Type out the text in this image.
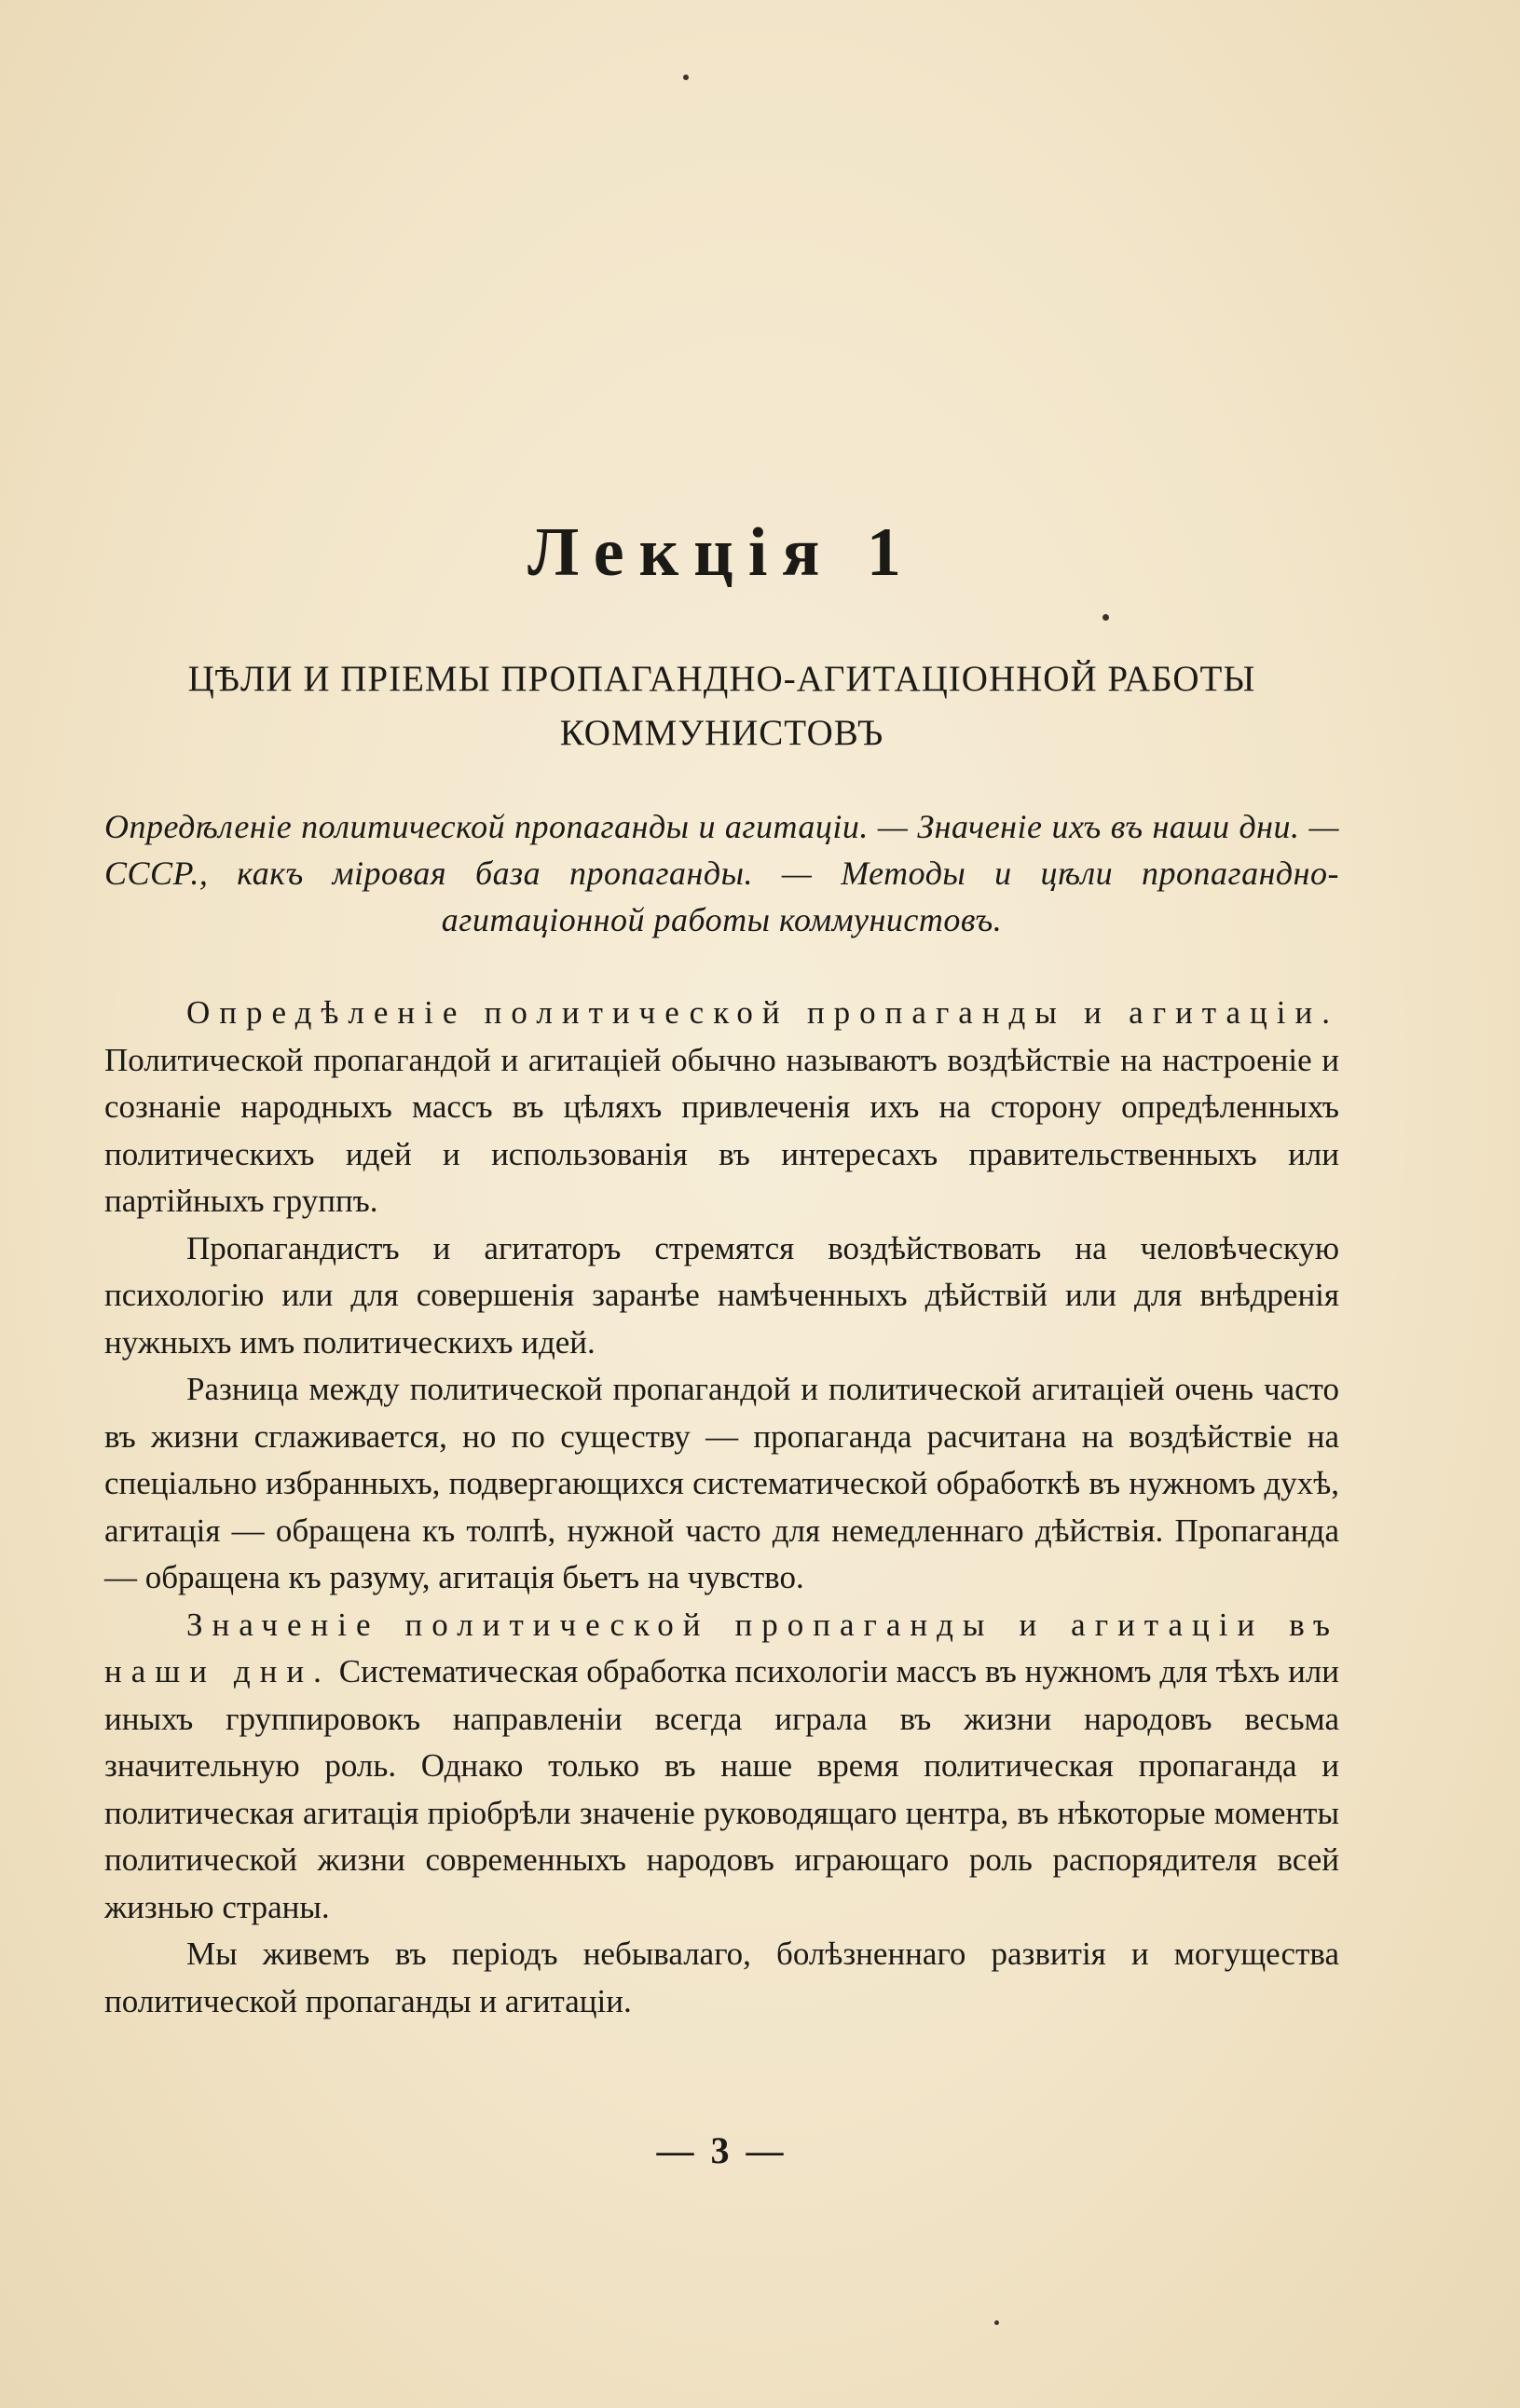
Лекція 1
ЦѢЛИ И ПРІЕМЫ ПРОПАГАНДНО-АГИТАЦІОННОЙ РАБОТЫ
КОММУНИСТОВЪ
Опредѣленіе политической пропаганды и агитаціи. — Значеніе ихъ въ наши дни. — СССР., какъ міровая база пропаганды. — Методы и цѣли пропагандно-агитаціонной работы коммунистовъ.

Опредѣленіе политической пропаганды и агитаціи. Политической пропагандой и агитаціей обычно называютъ воздѣйствіе на настроеніе и сознаніе народныхъ массъ въ цѣляхъ привлеченія ихъ на сторону опредѣленныхъ политическихъ идей и использованія въ интересахъ правительственныхъ или партійныхъ группъ.

Пропагандистъ и агитаторъ стремятся воздѣйствовать на человѣческую психологію или для совершенія заранѣе намѣченныхъ дѣйствій или для внѣдренія нужныхъ имъ политическихъ идей.

Разница между политической пропагандой и политической агитаціей очень часто въ жизни сглаживается, но по существу — пропаганда расчитана на воздѣйствіе на спеціально избранныхъ, подвергающихся систематической обработкѣ въ нужномъ духѣ, агитація — обращена къ толпѣ, нужной часто для немедленнаго дѣйствія. Пропаганда — обращена къ разуму, агитація бьетъ на чувство.

Значеніе политической пропаганды и агитаціи въ наши дни. Систематическая обработка психологіи массъ въ нужномъ для тѣхъ или иныхъ группировокъ направленіи всегда играла въ жизни народовъ весьма значительную роль. Однако только въ наше время политическая пропаганда и политическая агитація пріобрѣли значеніе руководящаго центра, въ нѣкоторые моменты политической жизни современныхъ народовъ играющаго роль распорядителя всей жизнью страны.

Мы живемъ въ періодъ небывалаго, болѣзненнаго развитія и могущества политической пропаганды и агитаціи.

— 3 —
